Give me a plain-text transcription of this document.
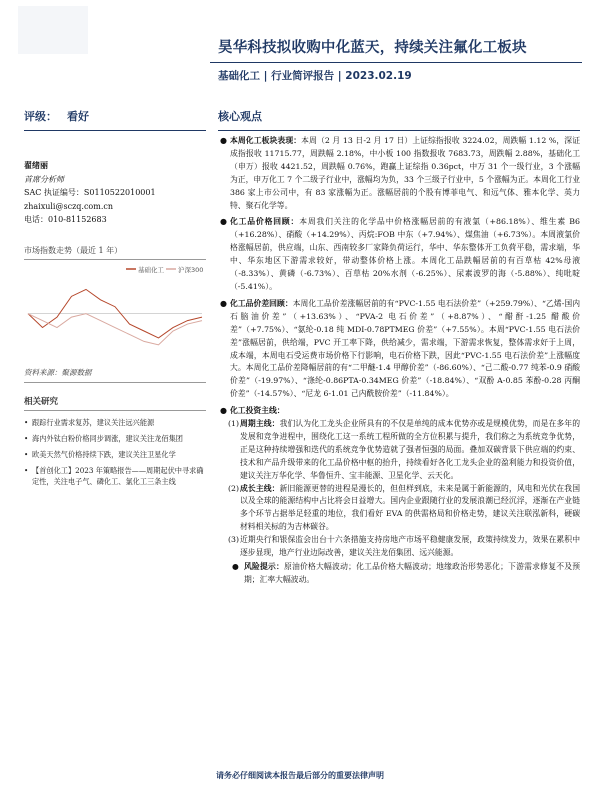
昊华科技拟收购中化蓝天，持续关注氟化工板块
基础化工 | 行业简评报告 | 2023.02.19
评级： 看好
翟绪丽
首席分析师
SAC 执证编号：S0110522010001
zhaixuli@sczq.com.cn
电话：010-81152683
市场指数走势（最近 1 年）
基础化工 沪深300
资料来源：聚源数据
相关研究
• 跟踪行业需求复苏，建议关注远兴能源
• 海内外钛白粉价格同步调涨，建议关注龙佰集团
• 欧美天然气价格持续下跌，建议关注卫星化学
• 【首创化工】2023 年策略报告——周期起伏中寻求确定性，关注电子气、磷化工、氯化工三条主线
核心观点
● 本周化工板块表现：本周（2 月 13 日-2 月 17 日）上证综指报收 3224.02，周跌幅 1.12 %，深证成指报收 11715.77，周跌幅 2.18%，中小板 100 指数报收 7683.73，周跌幅 2.88%，基础化工（申万）报收 4421.52，周跌幅 0.76%，跑赢上证综指 0.36pct，中万 31 个一级行业，3 个涨幅为正，申万化工 7 个二级子行业中，涨幅均为负，33 个三级子行业中，5 个涨幅为正。本周化工行业 386 家上市公司中，有 83 家涨幅为正。涨幅居前的个股有博菲电气、和远气体、雅本化学、英力特、聚石化学等。
● 化工品价格回顾：本周我们关注的化学品中价格涨幅居前的有液氯（+86.18%）、维生素 B6（+16.28%）、硝酸（+14.29%）、丙烷:FOB 中东（+7.94%）、煤焦油（+6.73%）。本周液氯价格涨幅居前，供应端，山东、西南较多厂家降负荷运行，华中、华东整体开工负荷平稳，需求端，华中、华东地区下游需求较好，带动整体价格上涨。本周化工品跌幅居前的有百草枯 42%母液（-8.33%）、黄磷（-6.73%）、百草枯 20%水剂（-6.25%）、尿素波罗的海（-5.88%）、纯吡啶（-5.41%）。
● 化工品价差回顾：本周化工品价差涨幅居前的有“PVC-1.55 电石法价差”（+259.79%）、“乙烯-国内石脑油价差”（+13.63%）、“PVA-2 电石价差”（+8.87%）、“醋酐-1.25 醋酸价差”（+7.75%）、“氨纶-0.18 纯 MDI-0.78PTMEG 价差”（+7.55%）。本周“PVC-1.55 电石法价差”涨幅居前，供给端，PVC 开工率下降，供给减少，需求端，下游需求恢复，整体需求好于上周，成本端，本周电石受运费市场价格下行影响，电石价格下跌，因此“PVC-1.55 电石法价差”上涨幅度大。本周化工品价差降幅居前的有“二甲醚-1.4 甲醇价差”（-86.60%）、“己二酸-0.77 纯苯-0.9 硝酸价差”（-19.97%）、“涤纶-0.86PTA-0.34MEG 价差”（-18.84%）、“双酚 A-0.85 苯酚-0.28 丙酮价差”（-14.57%）、“尼龙 6-1.01 己内酰胺价差”（-11.84%）。
● 化工投资主线：
(1) 周期主线：我们认为化工龙头企业所具有的不仅是单纯的成本优势亦或是规模优势，而是在多年的发展和竞争进程中，围绕化工这一系统工程所做的全方位积累与提升，我们称之为系统竞争优势，正是这种持续增强和迭代的系统竞争优势造就了强者恒强的局面。叠加双碳背景下供应端的约束、技术和产品升级带来的化工品价格中枢的抬升，持续看好各化工龙头企业的盈利能力和投资价值，建议关注万华化学、华鲁恒升、宝丰能源、卫星化学、云天化。
(2) 成长主线：新旧能源更替的进程是漫长的，但但样到底，未来是属于新能源的，风电和光伏在我国以及全球的能源结构中占比将会日益增大。国内企业跟随行业的发展浪潮已经沉浮，逐渐在产业链多个环节占据举足轻重的地位，我们看好 EVA 的供需格局和价格走势，建议关注联泓新科，硬碳材料相关标的为吉林碳谷。
(3) 近期央行和银保监会出台十六条措施支持房地产市场平稳健康发展，政策持续发力，效果在累积中逐步显现，地产行业边际改善，建议关注龙佰集团、远兴能源。
● 风险提示：原油价格大幅波动；化工品价格大幅波动；地缘政治形势恶化；下游需求修复不及预期；汇率大幅波动。
请务必仔细阅读本报告最后部分的重要法律声明
